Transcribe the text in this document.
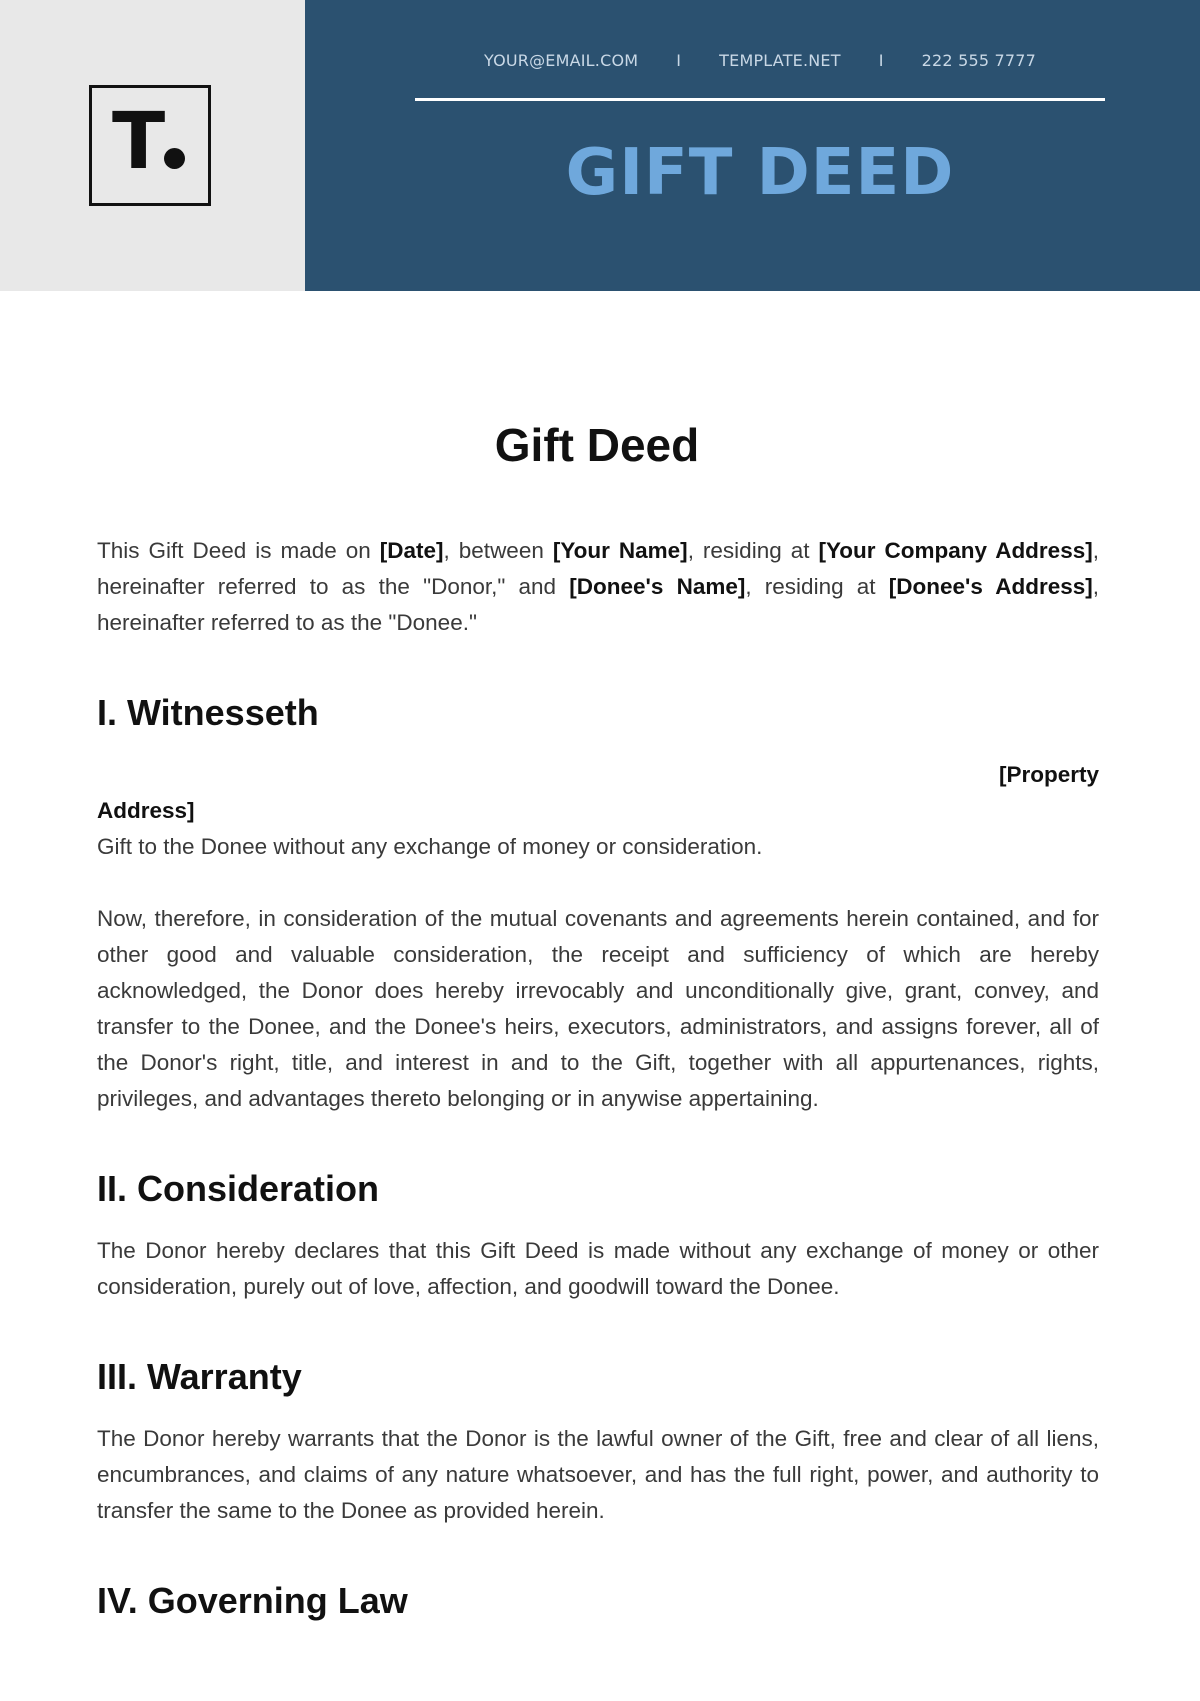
T
YOUR@EMAIL.COM I TEMPLATE.NET I 222 555 7777
GIFT DEED
Gift Deed

This Gift Deed is made on [Date], between [Your Name], residing at [Your Company Address], hereinafter referred to as the "Donor," and [Donee's Name], residing at [Donee's Address], hereinafter referred to as the "Donee."

I. Witnesseth
[Property
Address]

Gift to the Donee without any exchange of money or consideration.

Now, therefore, in consideration of the mutual covenants and agreements herein contained, and for other good and valuable consideration, the receipt and sufficiency of which are hereby acknowledged, the Donor does hereby irrevocably and unconditionally give, grant, convey, and transfer to the Donee, and the Donee's heirs, executors, administrators, and assigns forever, all of the Donor's right, title, and interest in and to the Gift, together with all appurtenances, rights, privileges, and advantages thereto belonging or in anywise appertaining.

II. Consideration

The Donor hereby declares that this Gift Deed is made without any exchange of money or other consideration, purely out of love, affection, and goodwill toward the Donee.

III. Warranty

The Donor hereby warrants that the Donor is the lawful owner of the Gift, free and clear of all liens, encumbrances, and claims of any nature whatsoever, and has the full right, power, and authority to transfer the same to the Donee as provided herein.

IV. Governing Law
